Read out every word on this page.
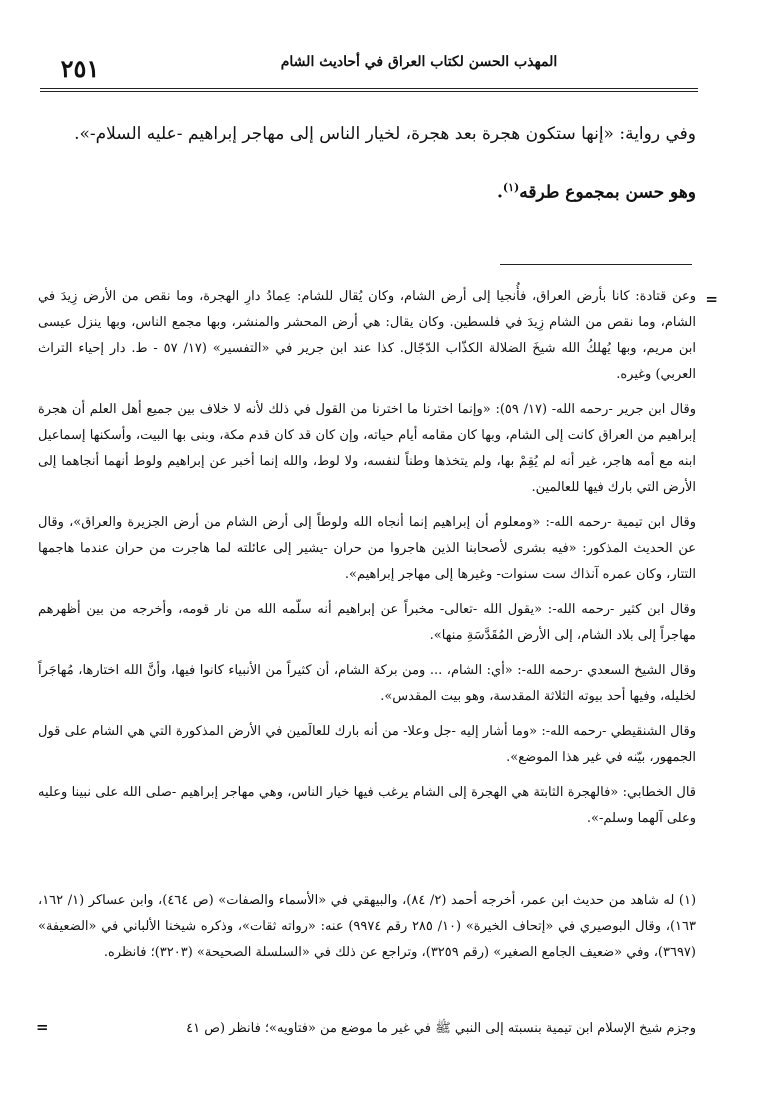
المهذب الحسن لكتاب العراق في أحاديث الشام
٢٥١

وفي رواية: «إنها ستكون هجرة بعد هجرة، لخيار الناس إلى مهاجر إبراهيم -عليه السلام-».

وهو حسن بمجموع طرقه$^{(١)}$.

=

وعن قتادة: كانا بأرض العراق، فأُنجيا إلى أرض الشام، وكان يُقال للشام: عِمادُ دارِ الهجرة، وما نقص من الأرض زِيدَ في الشام، وما نقص من الشام زِيدَ في فلسطين. وكان يقال: هي أرض المحشر والمنشر، وبها مجمع الناس، وبها ينزل عيسى ابن مريم، وبها يُهلكُ الله شيخَ الضلالة الكذّاب الدّجّال. كذا عند ابن جرير في «التفسير» (١٧/ ٥٧ - ط. دار إحياء التراث العربي) وغيره.

وقال ابن جرير -رحمه الله- (١٧/ ٥٩): «وإنما اخترنا ما اخترنا من القول في ذلك لأنه لا خلاف بين جميع أهل العلم أن هجرة إبراهيم من العراق كانت إلى الشام، وبها كان مقامه أيام حياته، وإن كان قد كان قدم مكة، وبنى بها البيت، وأسكنها إسماعيل ابنه مع أمه هاجر، غير أنه لم يُقِمْ بها، ولم يتخذها وطناً لنفسه، ولا لوط، والله إنما أخبر عن إبراهيم ولوط أنهما أنجاهما إلى الأرض التي بارك فيها للعالمين.

وقال ابن تيمية -رحمه الله-: «ومعلوم أن إبراهيم إنما أنجاه الله ولوطاً إلى أرض الشام من أرض الجزيرة والعراق»، وقال عن الحديث المذكور: «فيه بشرى لأصحابنا الذين هاجروا من حران -يشير إلى عائلته لما هاجرت من حران عندما هاجمها التتار، وكان عمره آنذاك ست سنوات- وغيرها إلى مهاجر إبراهيم».

وقال ابن كثير -رحمه الله-: «يقول الله -تعالى- مخبراً عن إبراهيم أنه سلّمه الله من نار قومه، وأخرجه من بين أظهرهم مهاجراً إلى بلاد الشام، إلى الأرض المُقَدَّسَةِ منها».

وقال الشيخ السعدي -رحمه الله-: «أي: الشام، ... ومن بركة الشام، أن كثيراً من الأنبياء كانوا فيها، وأنَّ الله اختارها، مُهاجَراً لخليله، وفيها أحد بيوته الثلاثة المقدسة، وهو بيت المقدس».

وقال الشنقيطي -رحمه الله-: «وما أشار إليه -جل وعلا- من أنه بارك للعالَمين في الأرض المذكورة التي هي الشام على قول الجمهور، بيّنه في غير هذا الموضع».

قال الخطابي: «فالهجرة الثابتة هي الهجرة إلى الشام يرغب فيها خيار الناس، وهي مهاجر إبراهيم -صلى الله على نبينا وعليه وعلى آلهما وسلم-».

(١) له شاهد من حديث ابن عمر، أخرجه أحمد (٢/ ٨٤)، والبيهقي في «الأسماء والصفات» (ص ٤٦٤)، وابن عساكر (١/ ١٦٢، ١٦٣)، وقال البوصيري في «إتحاف الخيرة» (١٠/ ٢٨٥ رقم ٩٩٧٤) عنه: «رواته ثقات»، وذكره شيخنا الألباني في «الضعيفة» (٣٦٩٧)، وفي «ضعيف الجامع الصغير» (رقم ٣٢٥٩)، وتراجع عن ذلك في «السلسلة الصحيحة» (٣٢٠٣)؛ فانظره.

وجزم شيخ الإسلام ابن تيمية بنسبته إلى النبي ﷺ في غير ما موضع من «فتاويه»؛ فانظر (ص ٤١

=
